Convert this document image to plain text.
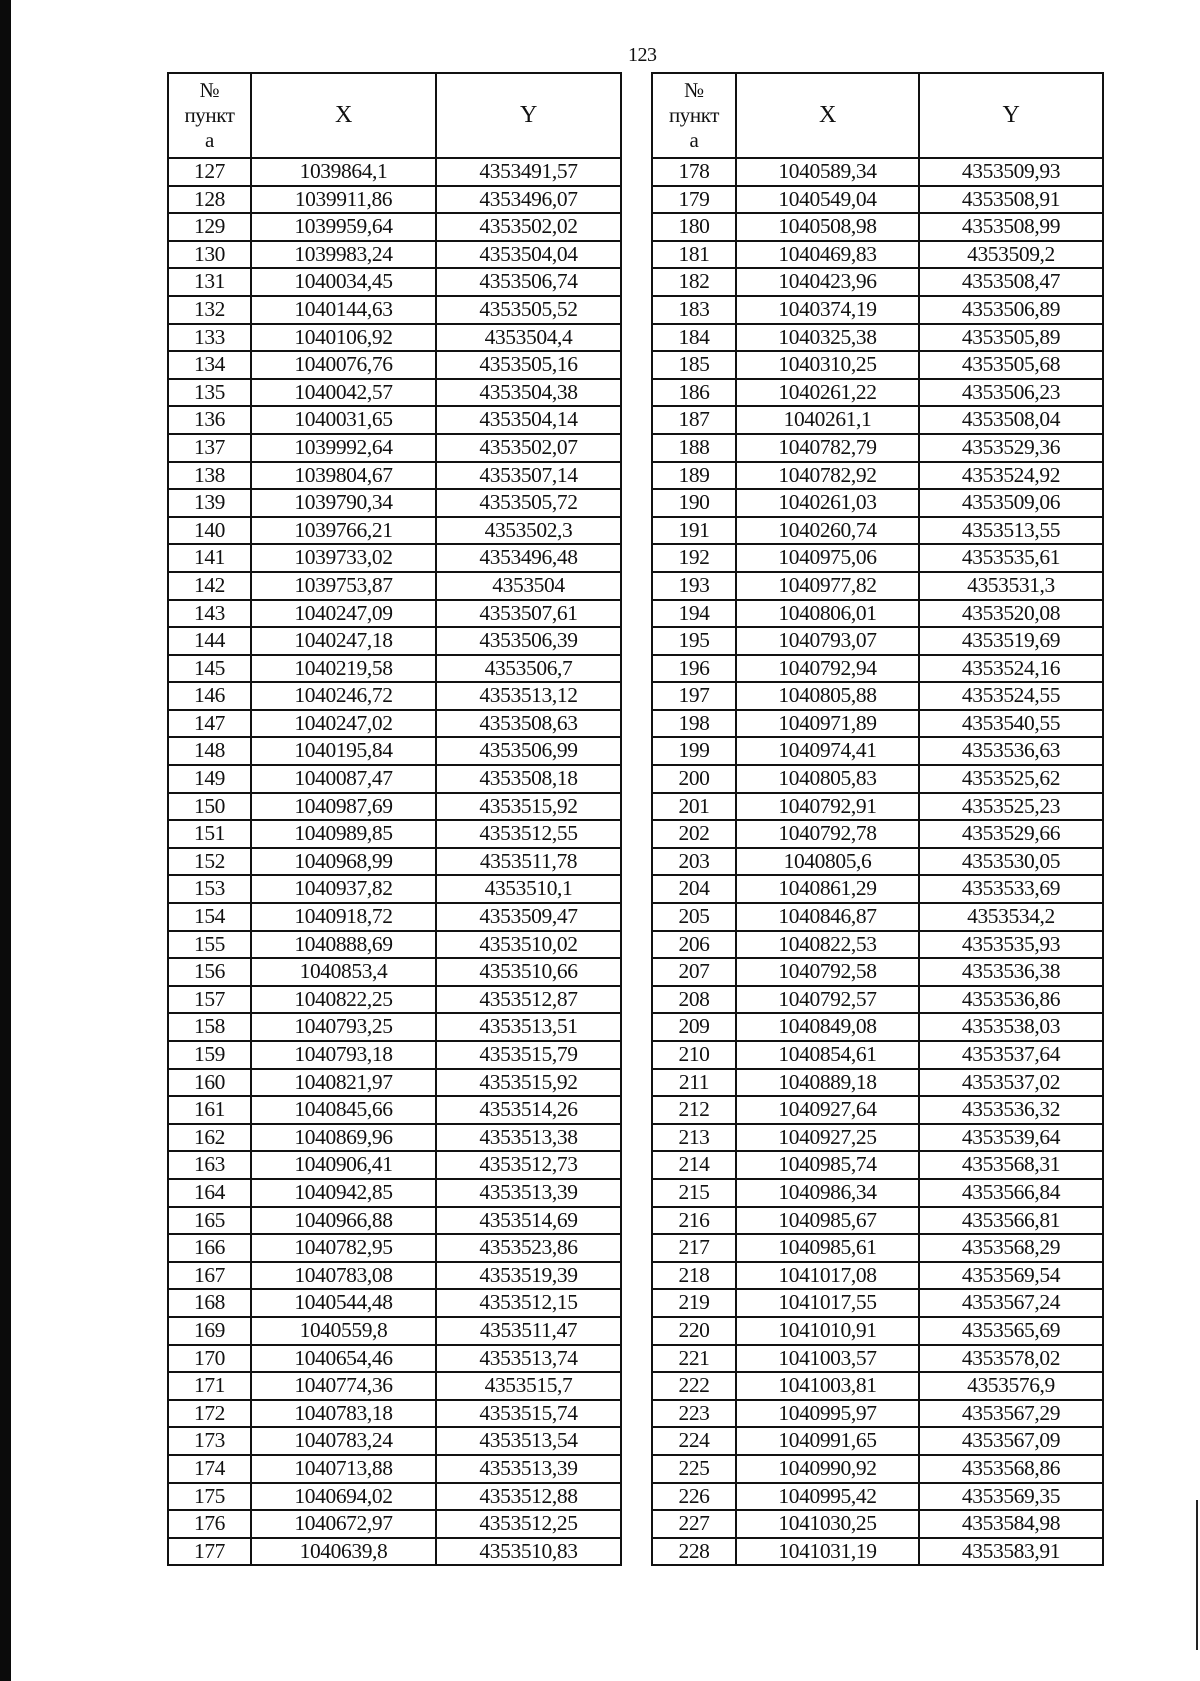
123
№
пункт
а	X	Y
127	1039864,1	4353491,57
128	1039911,86	4353496,07
129	1039959,64	4353502,02
130	1039983,24	4353504,04
131	1040034,45	4353506,74
132	1040144,63	4353505,52
133	1040106,92	4353504,4
134	1040076,76	4353505,16
135	1040042,57	4353504,38
136	1040031,65	4353504,14
137	1039992,64	4353502,07
138	1039804,67	4353507,14
139	1039790,34	4353505,72
140	1039766,21	4353502,3
141	1039733,02	4353496,48
142	1039753,87	4353504
143	1040247,09	4353507,61
144	1040247,18	4353506,39
145	1040219,58	4353506,7
146	1040246,72	4353513,12
147	1040247,02	4353508,63
148	1040195,84	4353506,99
149	1040087,47	4353508,18
150	1040987,69	4353515,92
151	1040989,85	4353512,55
152	1040968,99	4353511,78
153	1040937,82	4353510,1
154	1040918,72	4353509,47
155	1040888,69	4353510,02
156	1040853,4	4353510,66
157	1040822,25	4353512,87
158	1040793,25	4353513,51
159	1040793,18	4353515,79
160	1040821,97	4353515,92
161	1040845,66	4353514,26
162	1040869,96	4353513,38
163	1040906,41	4353512,73
164	1040942,85	4353513,39
165	1040966,88	4353514,69
166	1040782,95	4353523,86
167	1040783,08	4353519,39
168	1040544,48	4353512,15
169	1040559,8	4353511,47
170	1040654,46	4353513,74
171	1040774,36	4353515,7
172	1040783,18	4353515,74
173	1040783,24	4353513,54
174	1040713,88	4353513,39
175	1040694,02	4353512,88
176	1040672,97	4353512,25
177	1040639,8	4353510,83
№
пункт
а	X	Y
178	1040589,34	4353509,93
179	1040549,04	4353508,91
180	1040508,98	4353508,99
181	1040469,83	4353509,2
182	1040423,96	4353508,47
183	1040374,19	4353506,89
184	1040325,38	4353505,89
185	1040310,25	4353505,68
186	1040261,22	4353506,23
187	1040261,1	4353508,04
188	1040782,79	4353529,36
189	1040782,92	4353524,92
190	1040261,03	4353509,06
191	1040260,74	4353513,55
192	1040975,06	4353535,61
193	1040977,82	4353531,3
194	1040806,01	4353520,08
195	1040793,07	4353519,69
196	1040792,94	4353524,16
197	1040805,88	4353524,55
198	1040971,89	4353540,55
199	1040974,41	4353536,63
200	1040805,83	4353525,62
201	1040792,91	4353525,23
202	1040792,78	4353529,66
203	1040805,6	4353530,05
204	1040861,29	4353533,69
205	1040846,87	4353534,2
206	1040822,53	4353535,93
207	1040792,58	4353536,38
208	1040792,57	4353536,86
209	1040849,08	4353538,03
210	1040854,61	4353537,64
211	1040889,18	4353537,02
212	1040927,64	4353536,32
213	1040927,25	4353539,64
214	1040985,74	4353568,31
215	1040986,34	4353566,84
216	1040985,67	4353566,81
217	1040985,61	4353568,29
218	1041017,08	4353569,54
219	1041017,55	4353567,24
220	1041010,91	4353565,69
221	1041003,57	4353578,02
222	1041003,81	4353576,9
223	1040995,97	4353567,29
224	1040991,65	4353567,09
225	1040990,92	4353568,86
226	1040995,42	4353569,35
227	1041030,25	4353584,98
228	1041031,19	4353583,91
